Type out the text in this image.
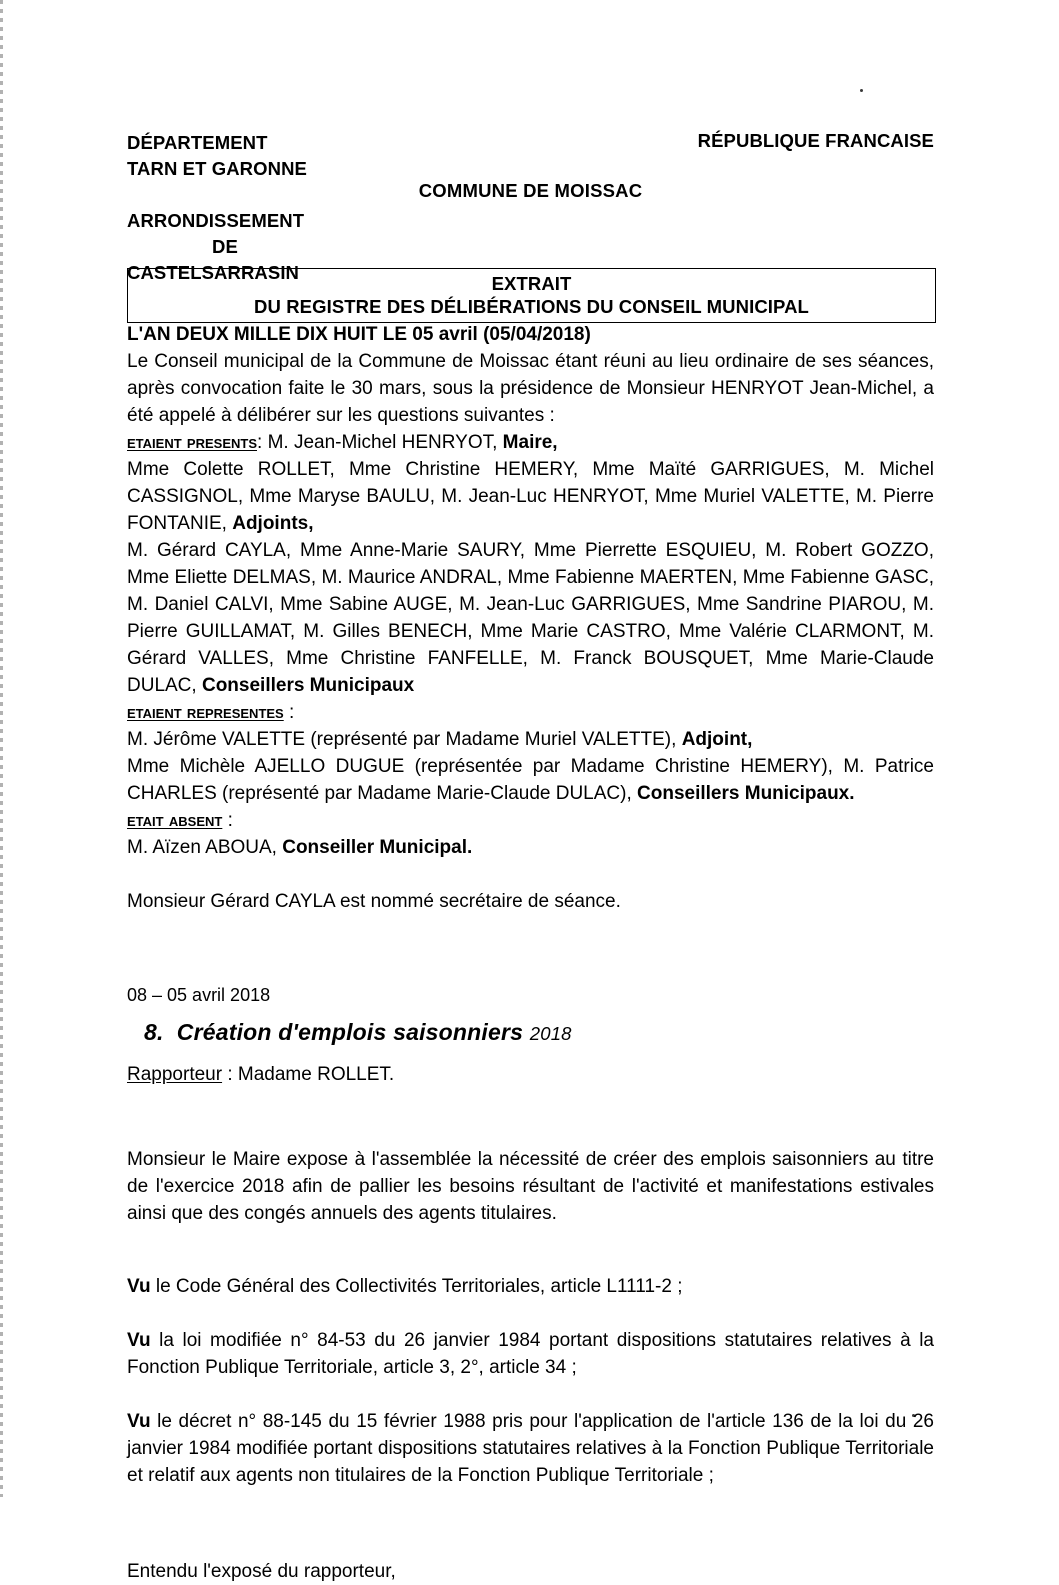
DÉPARTEMENT
TARN ET GARONNE
ARRONDISSEMENT
DE
CASTELSARRASIN
RÉPUBLIQUE FRANCAISE
COMMUNE DE MOISSAC
EXTRAIT
DU REGISTRE DES DÉLIBÉRATIONS DU CONSEIL MUNICIPAL

L'AN DEUX MILLE DIX HUIT LE 05 avril (05/04/2018)

Le Conseil municipal de la Commune de Moissac étant réuni au lieu ordinaire de ses séances, après convocation faite le 30 mars, sous la présidence de Monsieur HENRYOT Jean-Michel, a été appelé à délibérer sur les questions suivantes :

etaient presents: M. Jean-Michel HENRYOT, Maire,

Mme Colette ROLLET, Mme Christine HEMERY, Mme Maïté GARRIGUES, M. Michel CASSIGNOL, Mme Maryse BAULU, M. Jean-Luc HENRYOT, Mme Muriel VALETTE, M. Pierre FONTANIE, Adjoints,

M. Gérard CAYLA, Mme Anne-Marie SAURY, Mme Pierrette ESQUIEU, M. Robert GOZZO, Mme Eliette DELMAS, M. Maurice ANDRAL, Mme Fabienne MAERTEN, Mme Fabienne GASC, M. Daniel CALVI, Mme Sabine AUGE, M. Jean-Luc GARRIGUES, Mme Sandrine PIAROU, M. Pierre GUILLAMAT, M. Gilles BENECH, Mme Marie CASTRO, Mme Valérie CLARMONT, M. Gérard VALLES, Mme Christine FANFELLE, M. Franck BOUSQUET, Mme Marie-Claude DULAC, Conseillers Municipaux

etaient representes :

M. Jérôme VALETTE (représenté par Madame Muriel VALETTE), Adjoint,

Mme Michèle AJELLO DUGUE (représentée par Madame Christine HEMERY), M. Patrice CHARLES (représenté par Madame Marie-Claude DULAC), Conseillers Municipaux.

etait absent :

M. Aïzen ABOUA, Conseiller Municipal.

Monsieur Gérard CAYLA est nommé secrétaire de séance.

08 – 05 avril 2018

8. Création d'emplois saisonniers 2018

Rapporteur : Madame ROLLET.

Monsieur le Maire expose à l'assemblée la nécessité de créer des emplois saisonniers au titre de l'exercice 2018 afin de pallier les besoins résultant de l'activité et manifestations estivales ainsi que des congés annuels des agents titulaires.

Vu le Code Général des Collectivités Territoriales, article L1111-2 ;

Vu la loi modifiée n° 84-53 du 26 janvier 1984 portant dispositions statutaires relatives à la Fonction Publique Territoriale, article 3, 2°, article 34 ;

Vu le décret n° 88-145 du 15 février 1988 pris pour l'application de l'article 136 de la loi du 26 janvier 1984 modifiée portant dispositions statutaires relatives à la Fonction Publique Territoriale et relatif aux agents non titulaires de la Fonction Publique Territoriale ;

Entendu l'exposé du rapporteur,
